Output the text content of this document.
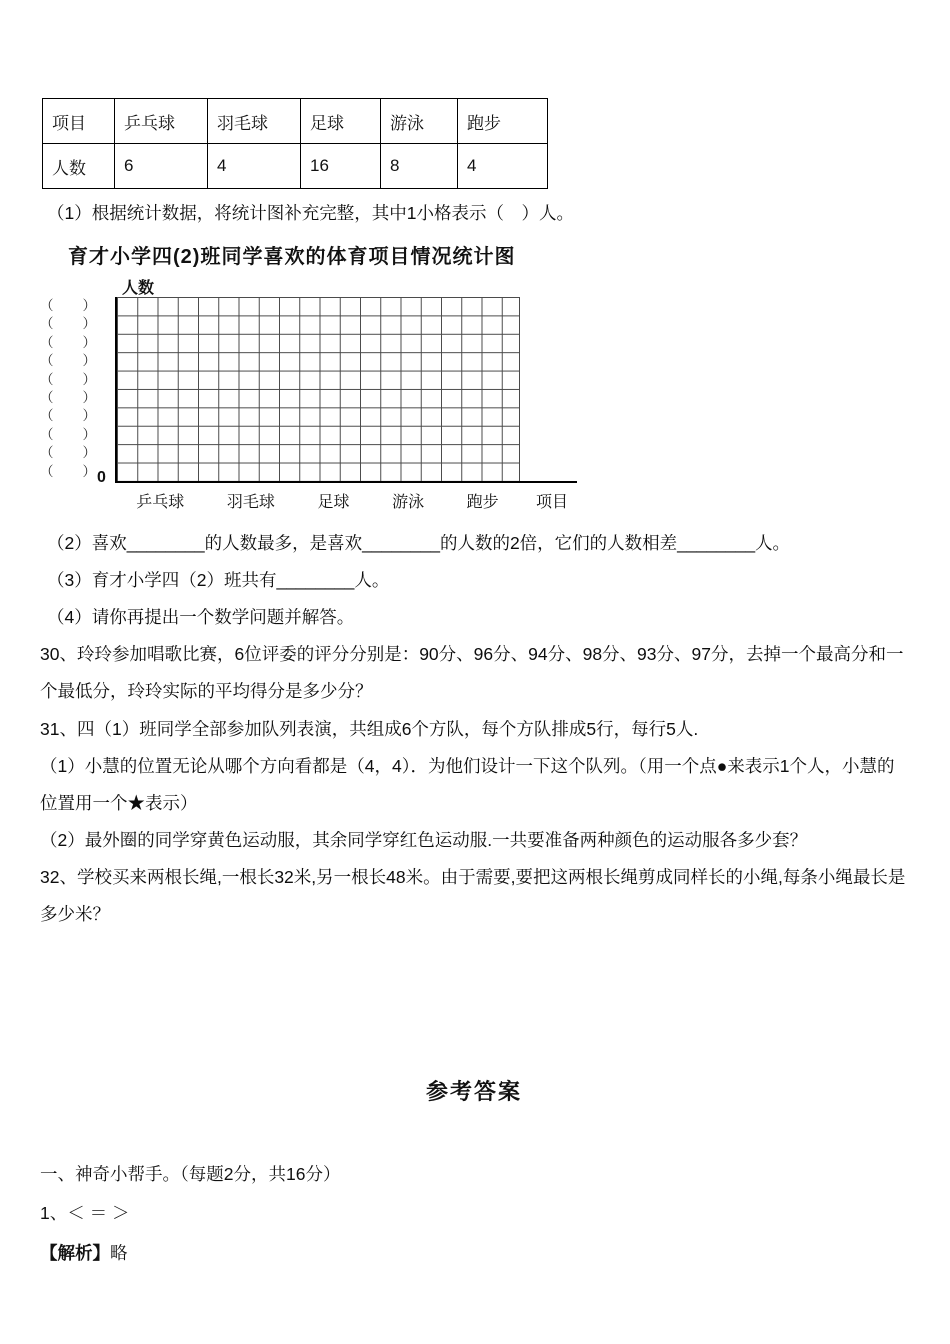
项目	乒乓球	羽毛球	足球	游泳	跑步
人数	6	4	16	8	4

（1）根据统计数据，将统计图补充完整，其中1小格表示（　）人。

育才小学四(2)班同学喜欢的体育项目情况统计图
人数
（ ）
（ ）
（ ）
（ ）
（ ）
（ ）
（ ）
（ ）
（ ）
（ ） 0
乒乓球	羽毛球	足球	游泳	跑步 项目

（2）喜欢________的人数最多，是喜欢________的人数的2倍，它们的人数相差________人。

（3）育才小学四（2）班共有________人。

（4）请你再提出一个数学问题并解答。

30、玲玲参加唱歌比赛，6位评委的评分分别是：90分、96分、94分、98分、93分、97分，去掉一个最高分和一个最低分，玲玲实际的平均得分是多少分？

31、四（1）班同学全部参加队列表演，共组成6个方队，每个方队排成5行，每行5人.

（1）小慧的位置无论从哪个方向看都是（4，4）．为他们设计一下这个队列。（用一个点●来表示1个人，小慧的位置用一个★表示）

（2）最外圈的同学穿黄色运动服，其余同学穿红色运动服.一共要准备两种颜色的运动服各多少套？

32、学校买来两根长绳,一根长32米,另一根长48米。由于需要,要把这两根长绳剪成同样长的小绳,每条小绳最长是多少米？

参考答案

一、神奇小帮手。（每题2分，共16分）

1、＜ ＝ ＞

【解析】略
